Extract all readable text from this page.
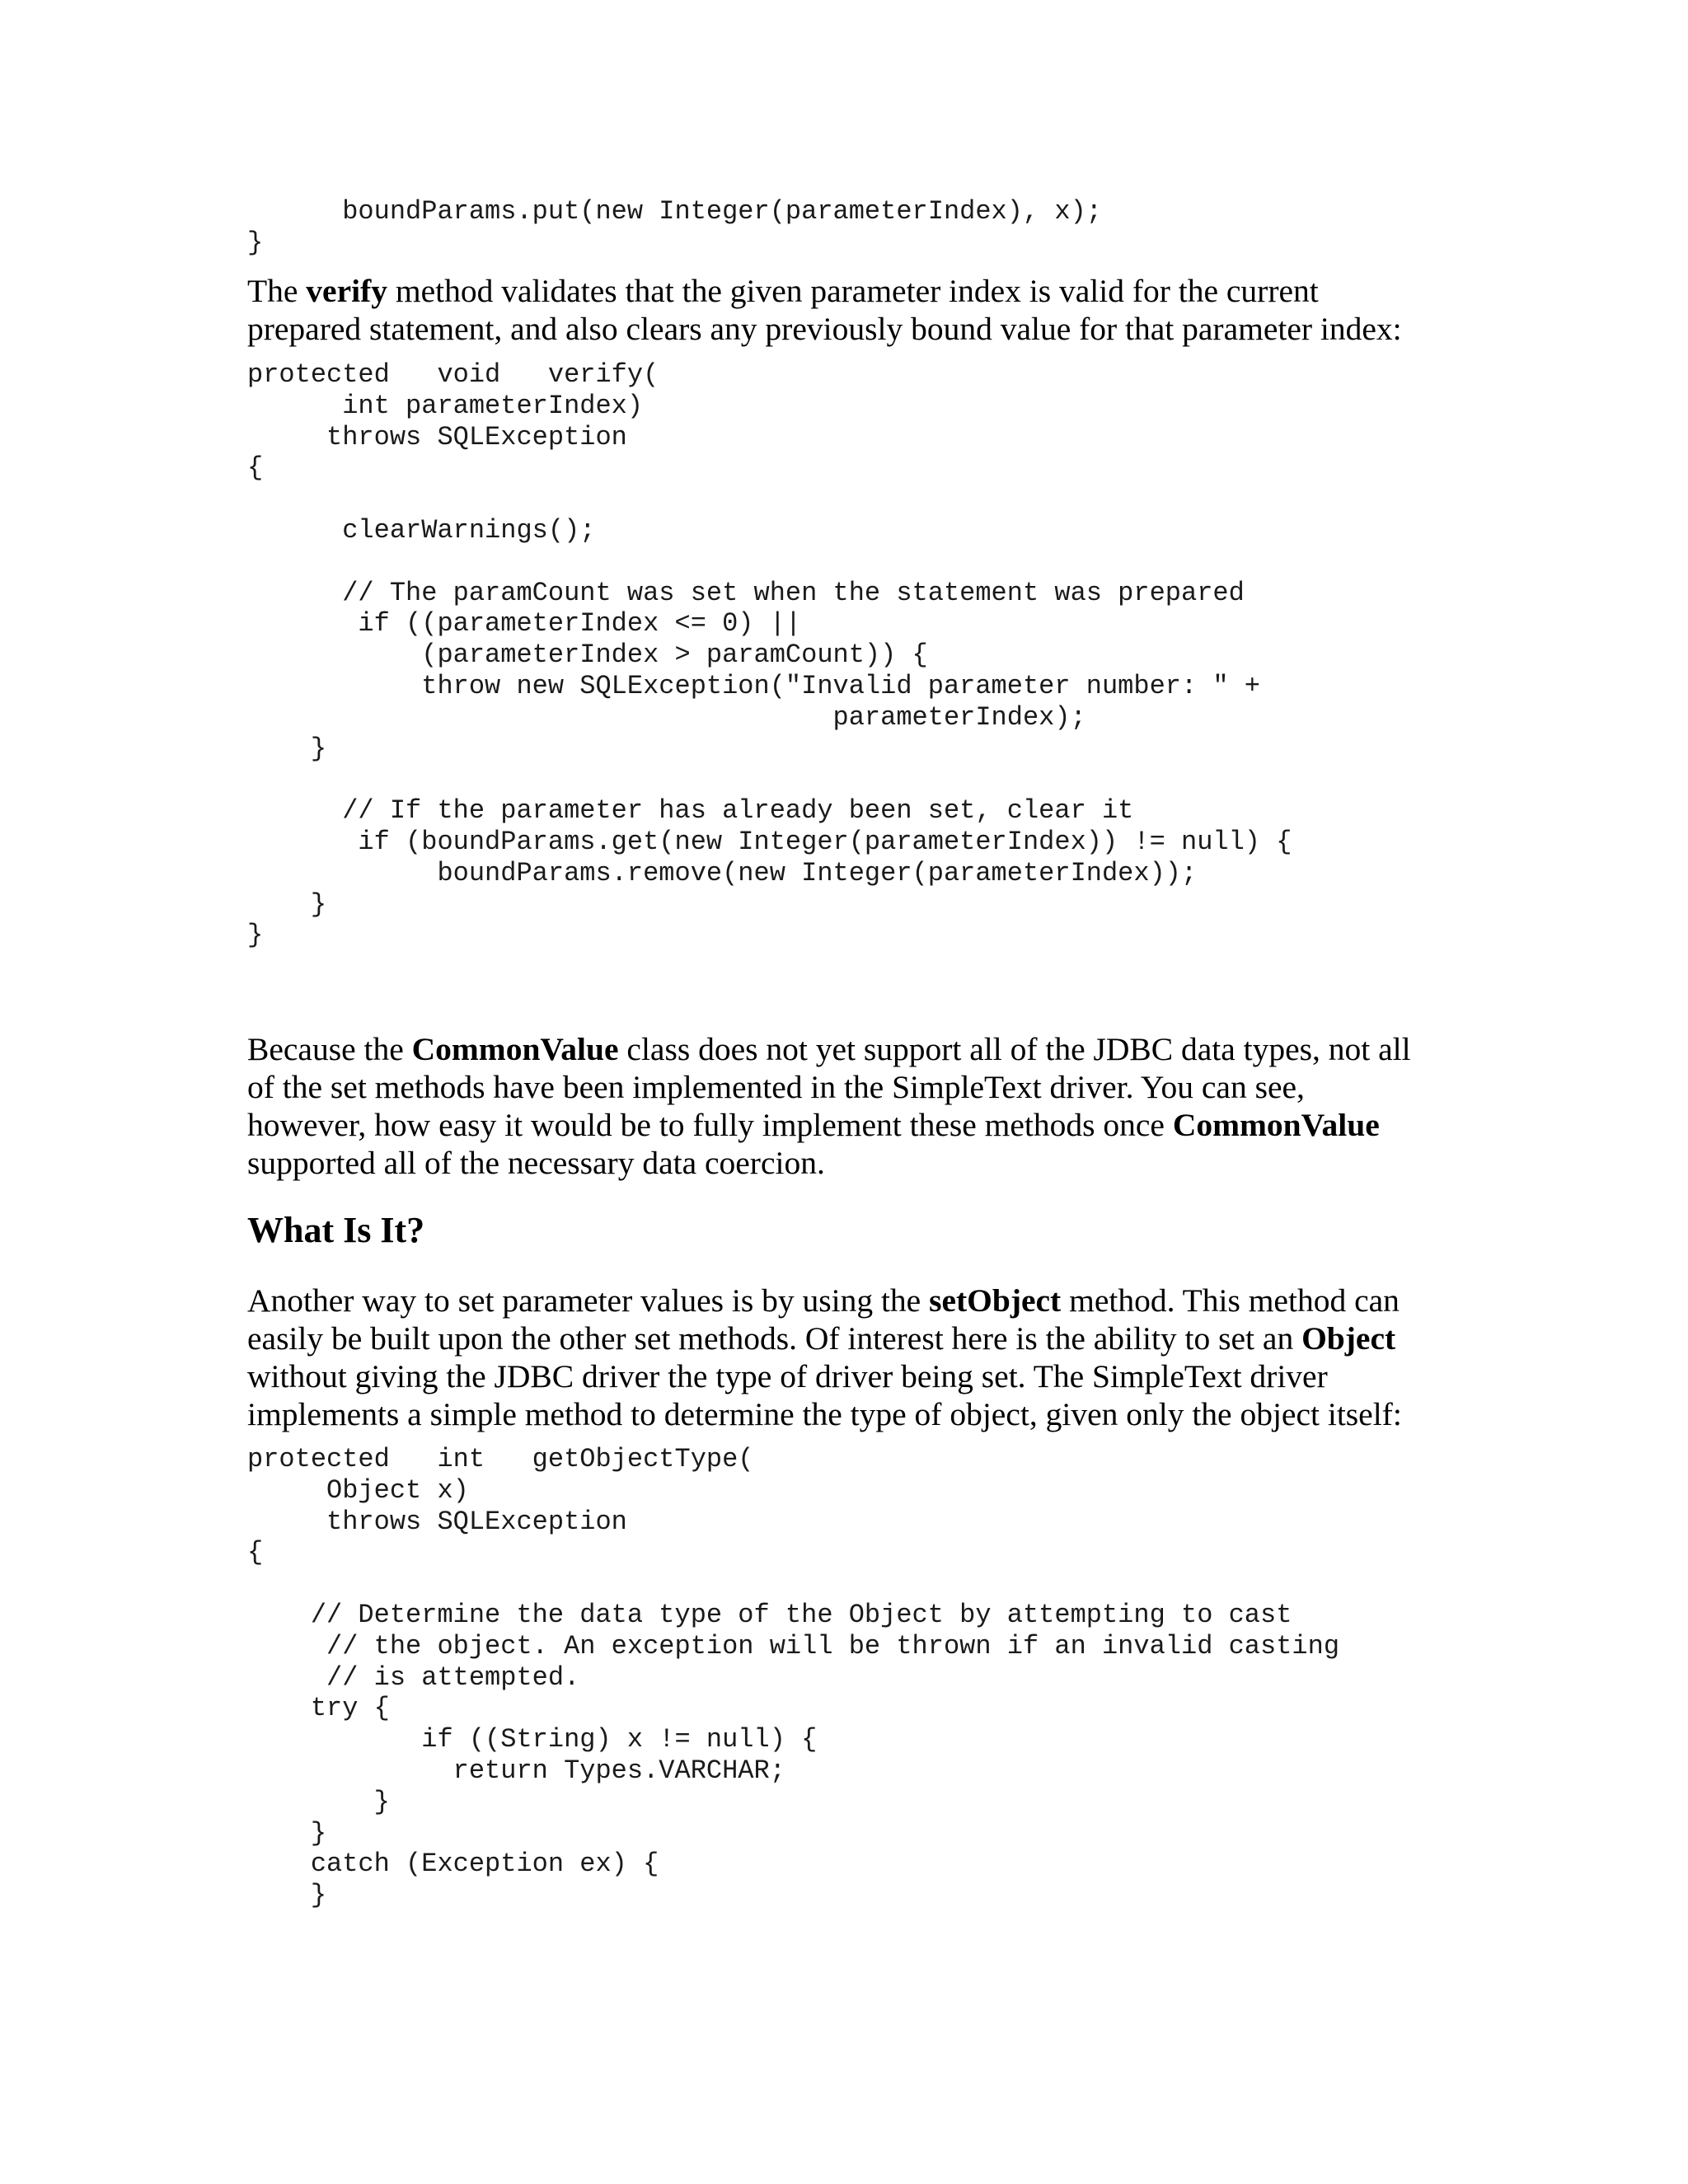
boundParams.put(new Integer(parameterIndex), x);
}
The verify method validates that the given parameter index is valid for the current
prepared statement, and also clears any previously bound value for that parameter index:
protected   void   verify(
int parameterIndex)
throws SQLException
{
clearWarnings();
// The paramCount was set when the statement was prepared
if ((parameterIndex <= 0) ||
(parameterIndex > paramCount)) {
throw new SQLException("Invalid parameter number: " +
parameterIndex);
}
// If the parameter has already been set, clear it
if (boundParams.get(new Integer(parameterIndex)) != null) {
boundParams.remove(new Integer(parameterIndex));
}
}
Because the CommonValue class does not yet support all of the JDBC data types, not all
of the set methods have been implemented in the SimpleText driver. You can see,
however, how easy it would be to fully implement these methods once CommonValue
supported all of the necessary data coercion.
What Is It?
Another way to set parameter values is by using the setObject method. This method can
easily be built upon the other set methods. Of interest here is the ability to set an Object
without giving the JDBC driver the type of driver being set. The SimpleText driver
implements a simple method to determine the type of object, given only the object itself:
protected   int   getObjectType(
Object x)
throws SQLException
{
// Determine the data type of the Object by attempting to cast
// the object. An exception will be thrown if an invalid casting
// is attempted.
try {
if ((String) x != null) {
return Types.VARCHAR;
}
}
catch (Exception ex) {
}
